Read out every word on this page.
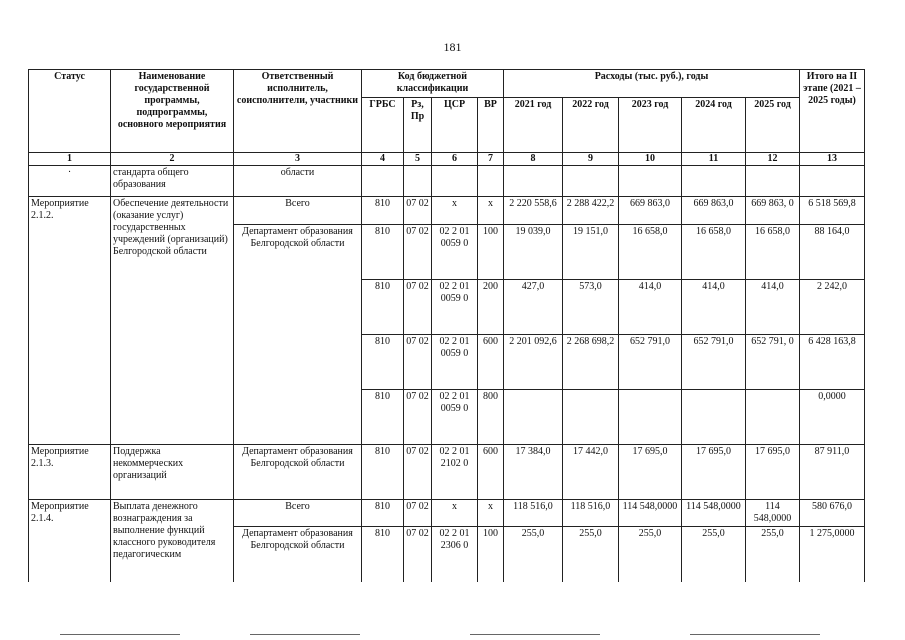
181
Статус	Наименование государственной программы, подпрограммы, основного мероприятия	Ответственный исполнитель, соисполнители, участники	Код бюджетной классификации				Расходы (тыс. руб.), годы					Итого на II этапе (2021 – 2025 годы)
			ГРБС	Рз, Пр	ЦСР	ВР	2021 год	2022 год	2023 год	2024 год	2025 год	
1	2	3	4	5	6	7	8	9	10	11	12	13
·	стандарта общего образования	области										
Мероприятие 2.1.2.	Обеспечение деятельности (оказание услуг) государственных учреждений (организаций) Белгородской области	Всего	810	07 02	х	х	2 220 558,6	2 288 422,2	669 863,0	669 863,0	669 863, 0	6 518 569,8
		Департамент образования Белгородской области	810	07 02	02 2 01 0059 0	100	19 039,0	19 151,0	16 658,0	16 658,0	16 658,0	88 164,0
			810	07 02	02 2 01 0059 0	200	427,0	573,0	414,0	414,0	414,0	2 242,0
			810	07 02	02 2 01 0059 0	600	2 201 092,6	2 268 698,2	652 791,0	652 791,0	652 791, 0	6 428 163,8
			810	07 02	02 2 01 0059 0	800						0,0000
Мероприятие 2.1.3.	Поддержка некоммерческих организаций	Департамент образования Белгородской области	810	07 02	02 2 01 2102 0	600	17 384,0	17 442,0	17 695,0	17 695,0	17 695,0	87 911,0
Мероприятие 2.1.4.	Выплата денежного вознаграждения за выполнение функций классного руководителя педагогическим	Всего	810	07 02	х	х	118 516,0	118 516,0	114 548,0000	114 548,0000	114 548,0000	580 676,0
		Департамент образования Белгородской области	810	07 02	02 2 01 2306 0	100	255,0	255,0	255,0	255,0	255,0	1 275,0000
